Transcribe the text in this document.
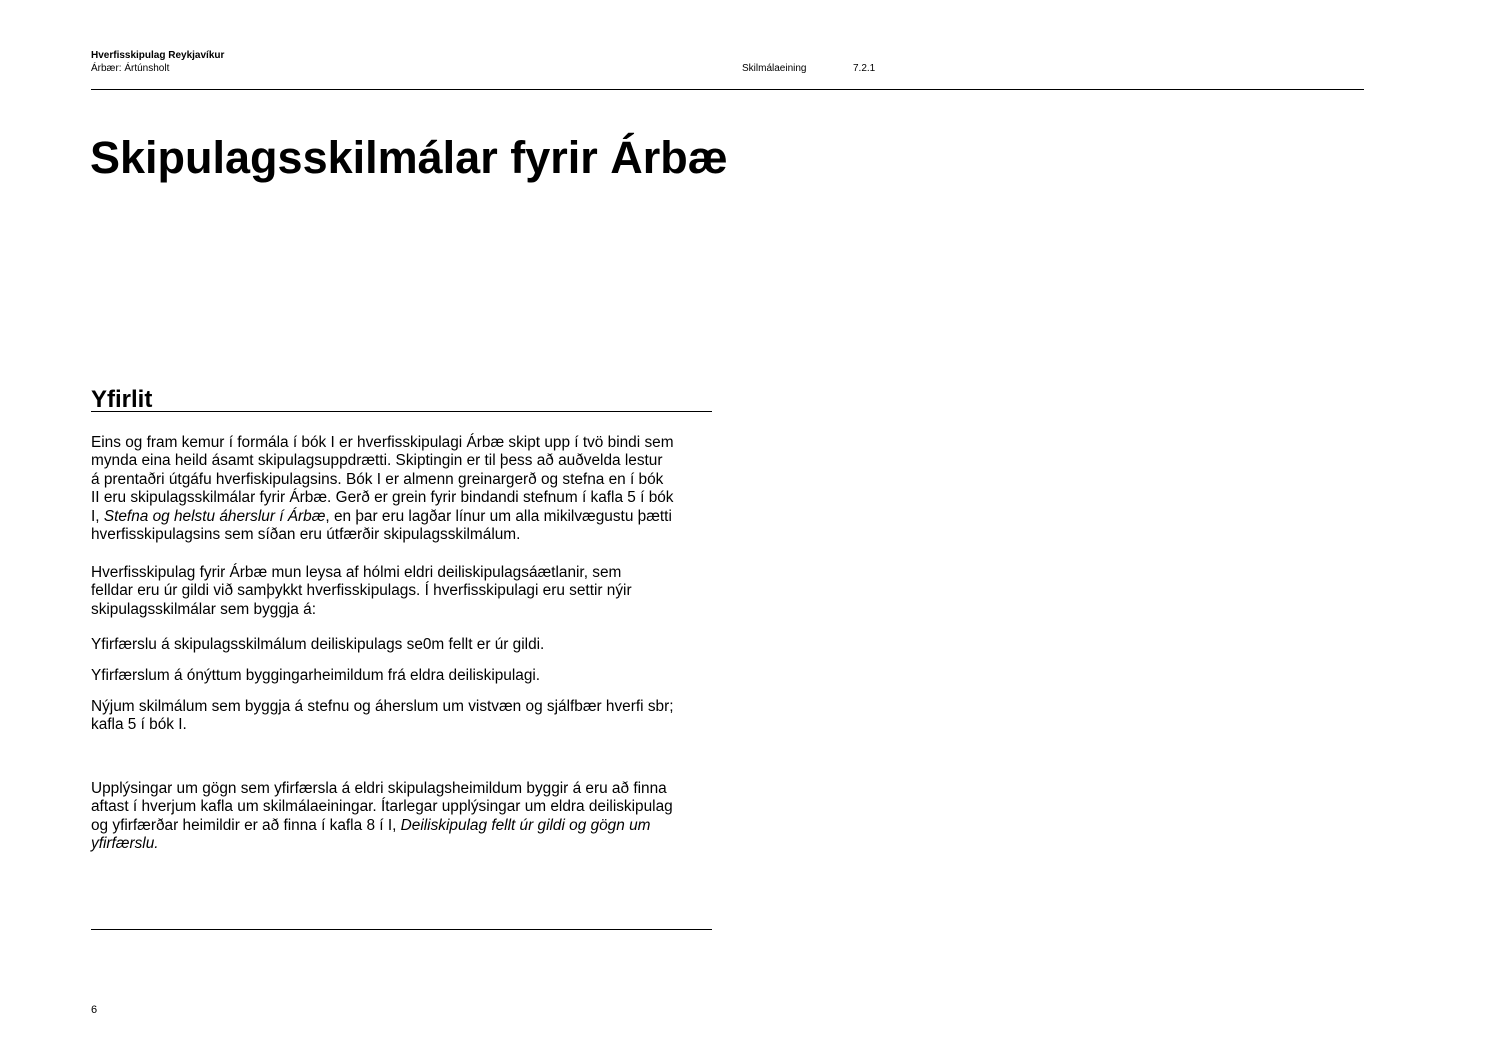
Hverfisskipulag Reykjavíkur
Árbær: Ártúnsholt	Skilmálaeining	7.2.1
Skipulagsskilmálar fyrir Árbæ
Yfirlit

Eins og fram kemur í formála í bók I er hverfisskipulagi Árbæ skipt upp í tvö bindi sem
mynda eina heild ásamt skipulagsuppdrætti. Skiptingin er til þess að auðvelda lestur
á prentaðri útgáfu hverfiskipulagsins. Bók I er almenn greinargerð og stefna en í bók
II eru skipulagsskilmálar fyrir Árbæ. Gerð er grein fyrir bindandi stefnum í kafla 5 í bók
I, Stefna og helstu áherslur í Árbæ, en þar eru lagðar línur um alla mikilvægustu þætti
hverfisskipulagsins sem síðan eru útfærðir skipulagsskilmálum.

Hverfisskipulag fyrir Árbæ mun leysa af hólmi eldri deiliskipulagsáætlanir, sem
felldar eru úr gildi við samþykkt hverfisskipulags. Í hverfisskipulagi eru settir nýir
skipulagsskilmálar sem byggja á:

Yfirfærslu á skipulagsskilmálum deiliskipulags se0m fellt er úr gildi.

Yfirfærslum á ónýttum byggingarheimildum frá eldra deiliskipulagi.

Nýjum skilmálum sem byggja á stefnu og áherslum um vistvæn og sjálfbær hverfi sbr;
kafla 5 í bók I.

Upplýsingar um gögn sem yfirfærsla á eldri skipulagsheimildum byggir á eru að finna
aftast í hverjum kafla um skilmálaeiningar. Ítarlegar upplýsingar um eldra deiliskipulag
og yfirfærðar heimildir er að finna í kafla 8 í I, Deiliskipulag fellt úr gildi og gögn um
yfirfærslu.

6
